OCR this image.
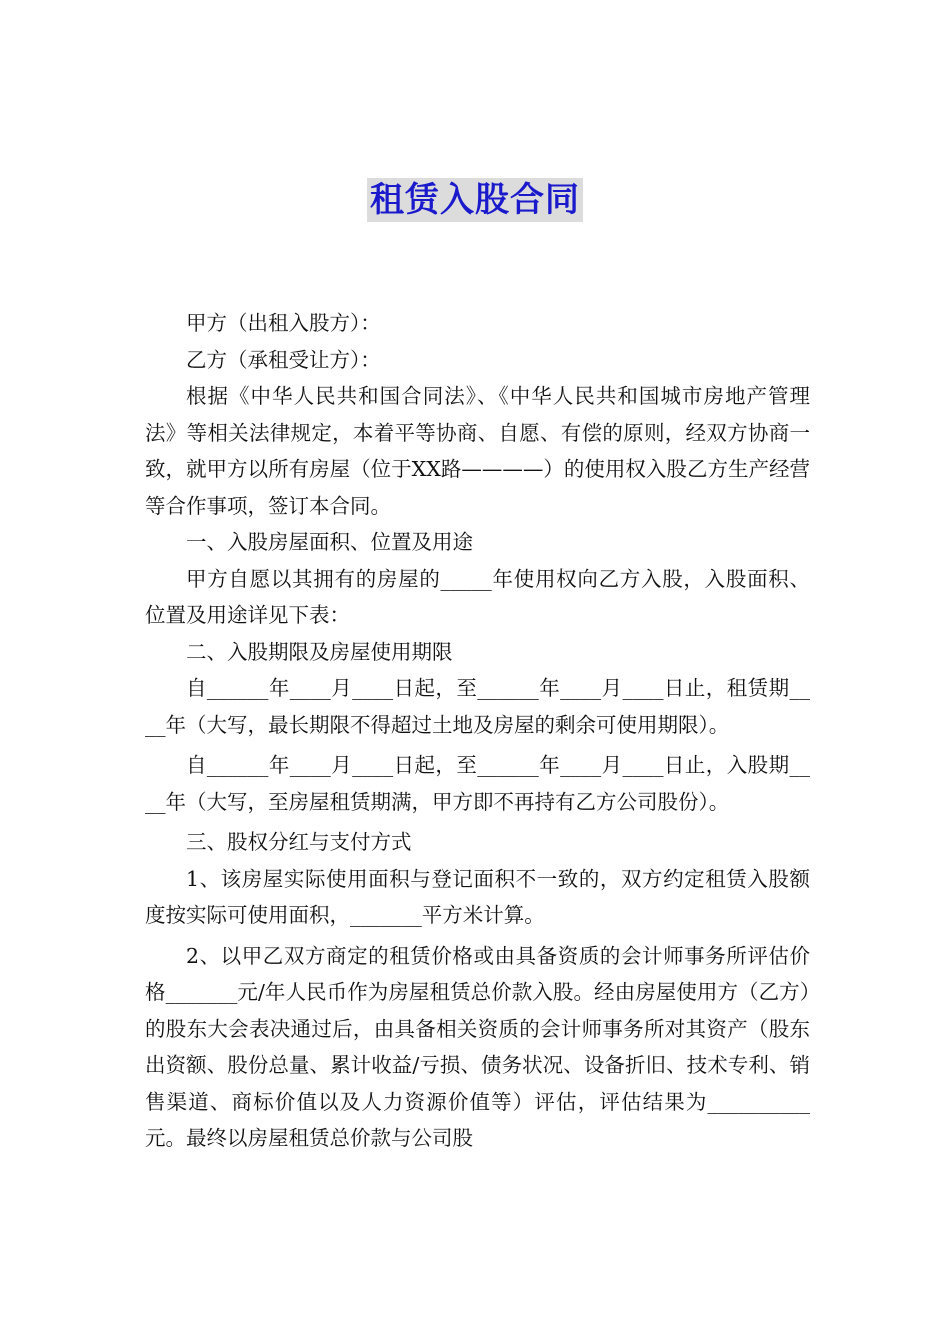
租赁入股合同

甲方（出租入股方）：

乙方（承租受让方）：

根据《中华人民共和国合同法》、《中华人民共和国城市房地产管理法》等相关法律规定，本着平等协商、自愿、有偿的原则，经双方协商一致，就甲方以所有房屋（位于XX路————）的使用权入股乙方生产经营等合作事项，签订本合同。

一、入股房屋面积、位置及用途

甲方自愿以其拥有的房屋的_____年使用权向乙方入股，入股面积、位置及用途详见下表：

二、入股期限及房屋使用期限

自______年____月____日起，至______年____月____日止，租赁期____年（大写，最长期限不得超过土地及房屋的剩余可使用期限）。

自______年____月____日起，至______年____月____日止，入股期____年（大写，至房屋租赁期满，甲方即不再持有乙方公司股份）。

三、股权分红与支付方式

1、该房屋实际使用面积与登记面积不一致的，双方约定租赁入股额度按实际可使用面积，_______平方米计算。

2、以甲乙双方商定的租赁价格或由具备资质的会计师事务所评估价格_______元/年人民币作为房屋租赁总价款入股。经由房屋使用方（乙方）的股东大会表决通过后，由具备相关资质的会计师事务所对其资产（股东出资额、股份总量、累计收益/亏损、债务状况、设备折旧、技术专利、销售渠道、商标价值以及人力资源价值等）评估，评估结果为__________元。最终以房屋租赁总价款与公司股
